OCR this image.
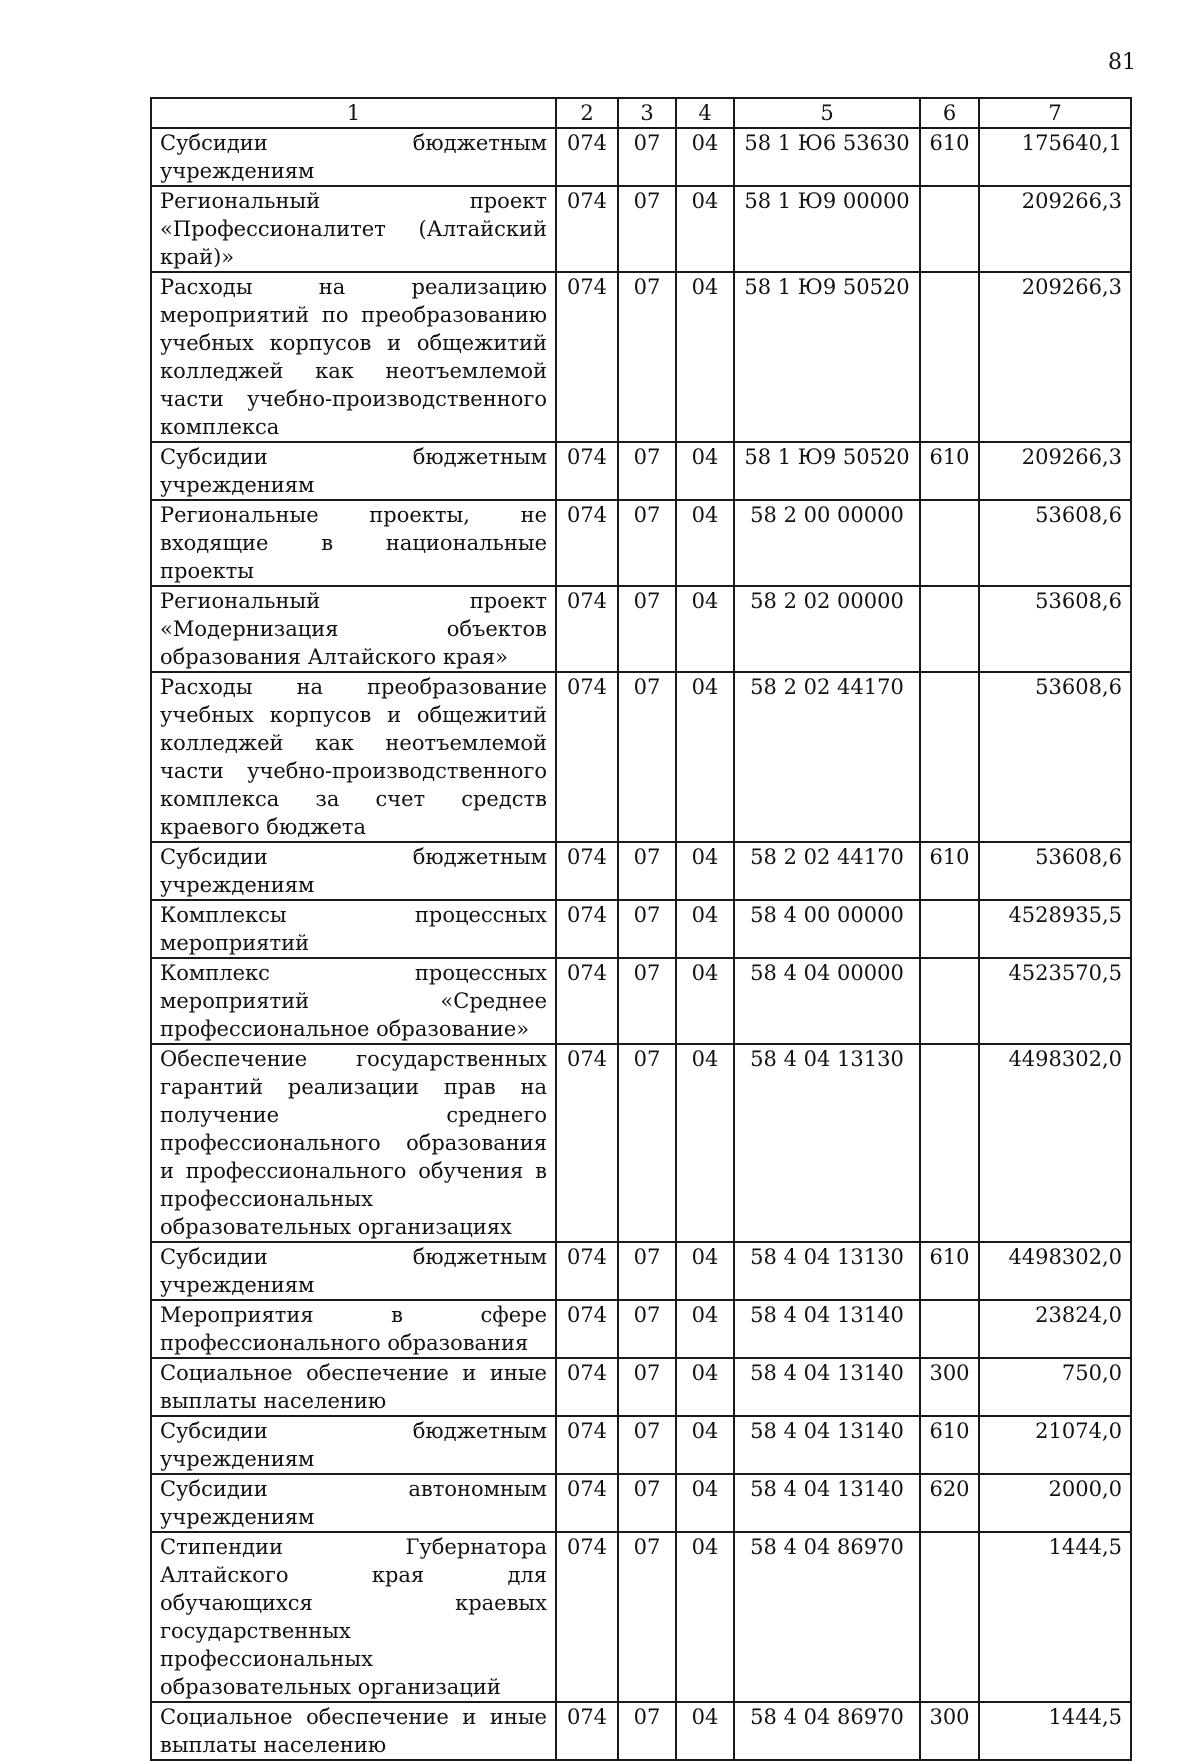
81
1	2	3	4	5	6	7
Субсидии бюджетным учреждениям	074	07	04	58 1 Ю6 53630	610	175640,1
Региональный проект «Профессионалитет (Алтайский край)»	074	07	04	58 1 Ю9 00000		209266,3
Расходы на реализацию мероприятий по преобразованию учебных корпусов и общежитий колледжей как неотъемлемой части учебно-производственного комплекса	074	07	04	58 1 Ю9 50520		209266,3
Субсидии бюджетным учреждениям	074	07	04	58 1 Ю9 50520	610	209266,3
Региональные проекты, не входящие в национальные проекты	074	07	04	58 2 00 00000		53608,6
Региональный проект «Модернизация объектов образования Алтайского края»	074	07	04	58 2 02 00000		53608,6
Расходы на преобразование учебных корпусов и общежитий колледжей как неотъемлемой части учебно-производственного комплекса за счет средств краевого бюджета	074	07	04	58 2 02 44170		53608,6
Субсидии бюджетным учреждениям	074	07	04	58 2 02 44170	610	53608,6
Комплексы процессных мероприятий	074	07	04	58 4 00 00000		4528935,5
Комплекс процессных мероприятий «Среднее профессиональное образование»	074	07	04	58 4 04 00000		4523570,5
Обеспечение государственных гарантий реализации прав на получение среднего профессионального образования и профессионального обучения в профессиональных образовательных организациях	074	07	04	58 4 04 13130		4498302,0
Субсидии бюджетным учреждениям	074	07	04	58 4 04 13130	610	4498302,0
Мероприятия в сфере профессионального образования	074	07	04	58 4 04 13140		23824,0
Социальное обеспечение и иные выплаты населению	074	07	04	58 4 04 13140	300	750,0
Субсидии бюджетным учреждениям	074	07	04	58 4 04 13140	610	21074,0
Субсидии автономным учреждениям	074	07	04	58 4 04 13140	620	2000,0
Стипендии Губернатора Алтайского края для обучающихся краевых государственных профессиональных образовательных организаций	074	07	04	58 4 04 86970		1444,5
Социальное обеспечение и иные выплаты населению	074	07	04	58 4 04 86970	300	1444,5
